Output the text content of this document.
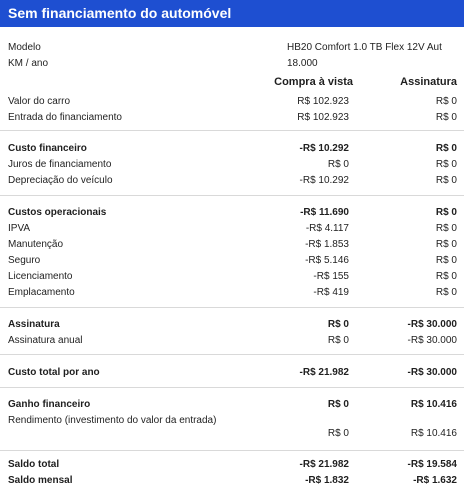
Sem financiamento do automóvel
Modelo	HB20 Comfort 1.0 TB Flex 12V Aut
KM / ano	18.000
Compra à vista	Assinatura
Valor do carro	R$ 102.923	R$ 0
Entrada do financiamento	R$ 102.923	R$ 0
Custo financeiro	-R$ 10.292	R$ 0
Juros de financiamento	R$ 0	R$ 0
Depreciação do veículo	-R$ 10.292	R$ 0
Custos operacionais	-R$ 11.690	R$ 0
IPVA	-R$ 4.117	R$ 0
Manutenção	-R$ 1.853	R$ 0
Seguro	-R$ 5.146	R$ 0
Licenciamento	-R$ 155	R$ 0
Emplacamento	-R$ 419	R$ 0
Assinatura	R$ 0	-R$ 30.000
Assinatura anual	R$ 0	-R$ 30.000
Custo total por ano	-R$ 21.982	-R$ 30.000
Ganho financeiro	R$ 0	R$ 10.416
Rendimento (investimento do valor da entrada)
R$ 0	R$ 10.416
Saldo total	-R$ 21.982	-R$ 19.584
Saldo mensal	-R$ 1.832	-R$ 1.632
